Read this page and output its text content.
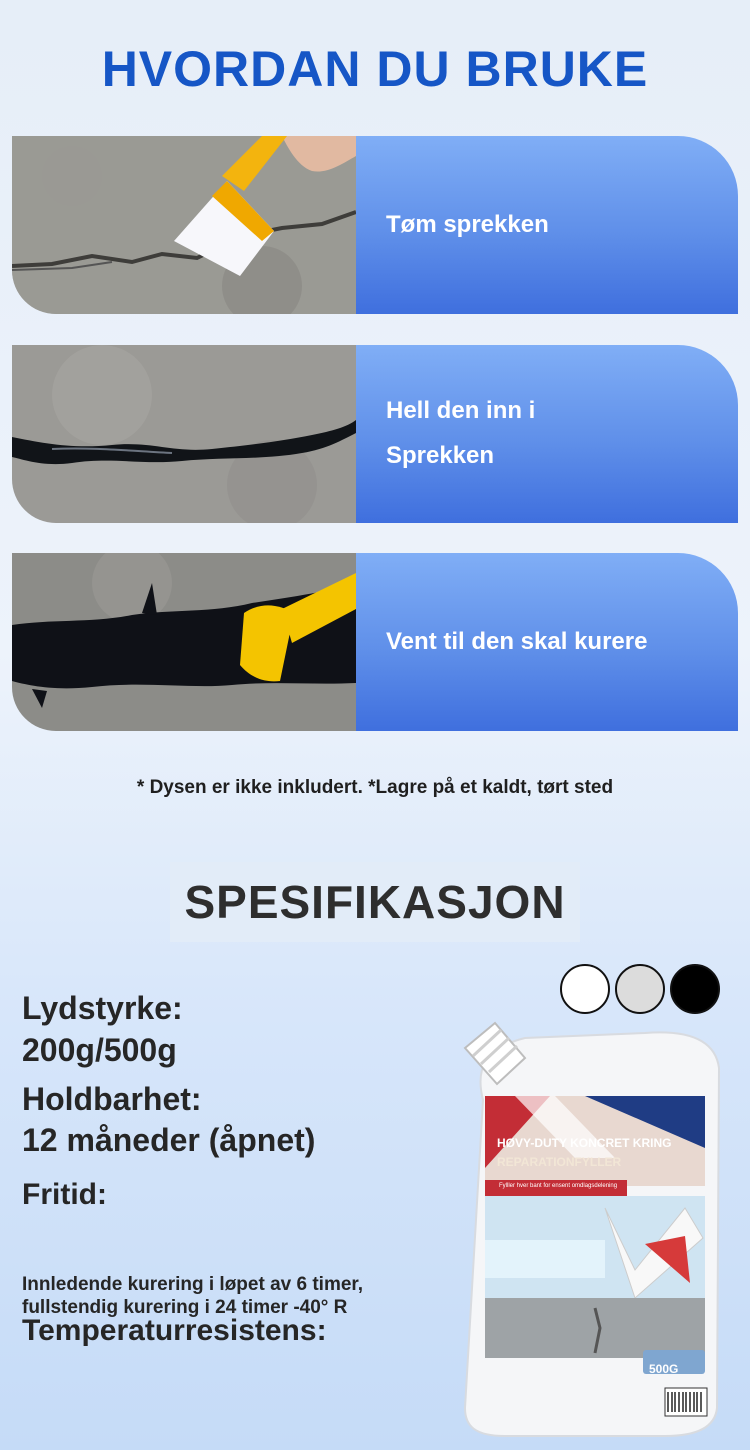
HVORDAN DU BRUKE
Tøm sprekken
Hell den inn i
Sprekken
Vent til den skal kurere
* Dysen er ikke inkludert. *Lagre på et kaldt, tørt sted
SPESIFIKASJON
Lydstyrke:
200g/500g
Holdbarhet:
12 måneder (åpnet)
Fritid:
Innledende kurering i løpet av 6 timer,
fullstendig kurering i 24 timer -40° R
Temperaturresistens:
HØVY-DUTY KONCRET KRING
REPARATIONFYLLER
Fylller hver bant for ensent omdlagsdelening
500G
